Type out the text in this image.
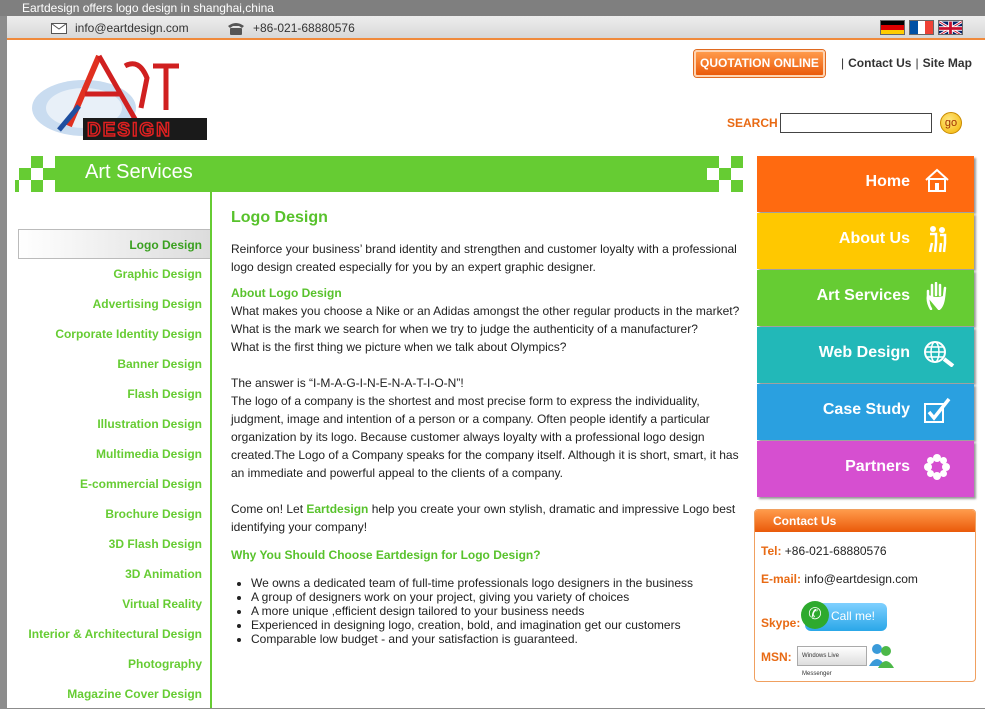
Eartdesign offers logo design in shanghai,china
info@eartdesign.com	+86-021-68880576
DESIGN
QUOTATION ONLINE	| Contact Us | Site Map
SEARCH	go
Art Services
Logo Design
Graphic Design
Advertising Design
Corporate Identity Design
Banner Design
Flash Design
Illustration Design
Multimedia Design
E-commercial Design
Brochure Design
3D Flash Design
3D Animation
Virtual Reality
Interior & Architectural Design
Photography
Magazine Cover Design
Logo Design

Reinforce your business’ brand identity and strengthen and customer loyalty with a professional logo design created especially for you by an expert graphic designer.

About Logo Design

What makes you choose a Nike or an Adidas amongst the other regular products in the market?

What is the mark we search for when we try to judge the authenticity of a manufacturer?

What is the first thing we picture when we talk about Olympics?

The answer is “I-M-A-G-I-N-E-N-A-T-I-O-N”!

The logo of a company is the shortest and most precise form to express the individuality, judgment, image and intention of a person or a company. Often people identify a particular organization by its logo. Because customer always loyalty with a professional logo design created.The Logo of a Company speaks for the company itself. Although it is short, smart, it has an immediate and powerful appeal to the clients of a company.

Come on! Let Eartdesign help you create your own stylish, dramatic and impressive Logo best identifying your company!

Why You Should Choose Eartdesign for Logo Design?
• We owns a dedicated team of full-time professionals logo designers in the business
• A group of designers work on your project, giving you variety of choices
• A more unique ,efficient design tailored to your business needs
• Experienced in designing logo, creation, bold, and imagination get our customers
• Comparable low budget - and your satisfaction is guaranteed.
Home
About Us
Art Services
Web Design
Case Study
Partners
Contact Us
Tel: +86-021-68880576
E-mail: info@eartdesign.com
Skype: ✆ Call me!
MSN:	Windows Live Messenger
